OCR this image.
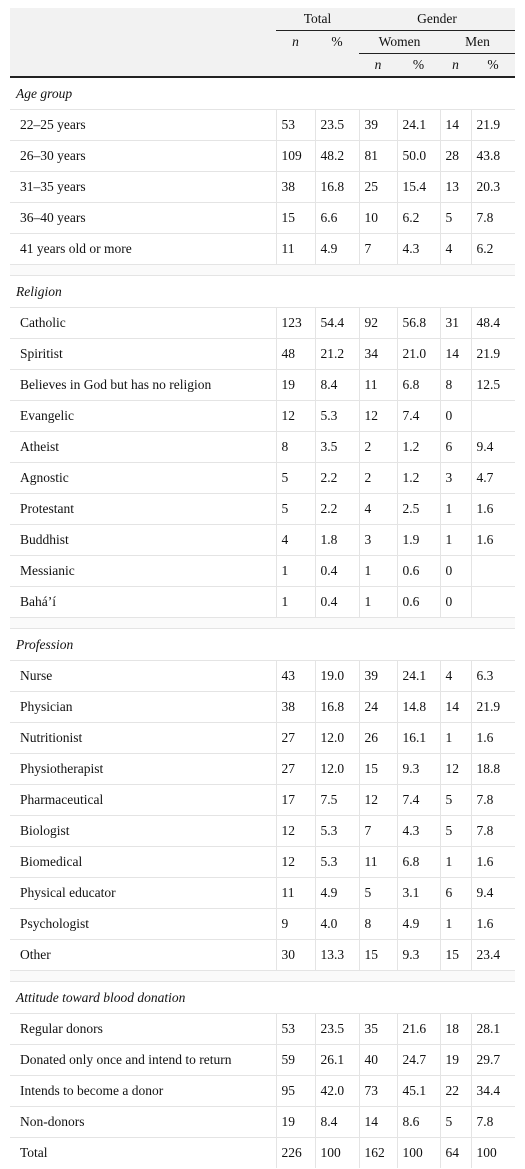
	Total		Gender			
	n	%	Women		Men	
			n	%	n	%
Age group						
22–25 years	53	23.5	39	24.1	14	21.9
26–30 years	109	48.2	81	50.0	28	43.8
31–35 years	38	16.8	25	15.4	13	20.3
36–40 years	15	6.6	10	6.2	5	7.8
41 years old or more	11	4.9	7	4.3	4	6.2

Religion						
Catholic	123	54.4	92	56.8	31	48.4
Spiritist	48	21.2	34	21.0	14	21.9
Believes in God but has no religion	19	8.4	11	6.8	8	12.5
Evangelic	12	5.3	12	7.4	0	
Atheist	8	3.5	2	1.2	6	9.4
Agnostic	5	2.2	2	1.2	3	4.7
Protestant	5	2.2	4	2.5	1	1.6
Buddhist	4	1.8	3	1.9	1	1.6
Messianic	1	0.4	1	0.6	0	
Bahá’í	1	0.4	1	0.6	0	

Profession						
Nurse	43	19.0	39	24.1	4	6.3
Physician	38	16.8	24	14.8	14	21.9
Nutritionist	27	12.0	26	16.1	1	1.6
Physiotherapist	27	12.0	15	9.3	12	18.8
Pharmaceutical	17	7.5	12	7.4	5	7.8
Biologist	12	5.3	7	4.3	5	7.8
Biomedical	12	5.3	11	6.8	1	1.6
Physical educator	11	4.9	5	3.1	6	9.4
Psychologist	9	4.0	8	4.9	1	1.6
Other	30	13.3	15	9.3	15	23.4

Attitude toward blood donation						
Regular donors	53	23.5	35	21.6	18	28.1
Donated only once and intend to return	59	26.1	40	24.7	19	29.7
Intends to become a donor	95	42.0	73	45.1	22	34.4
Non-donors	19	8.4	14	8.6	5	7.8
Total	226	100	162	100	64	100
